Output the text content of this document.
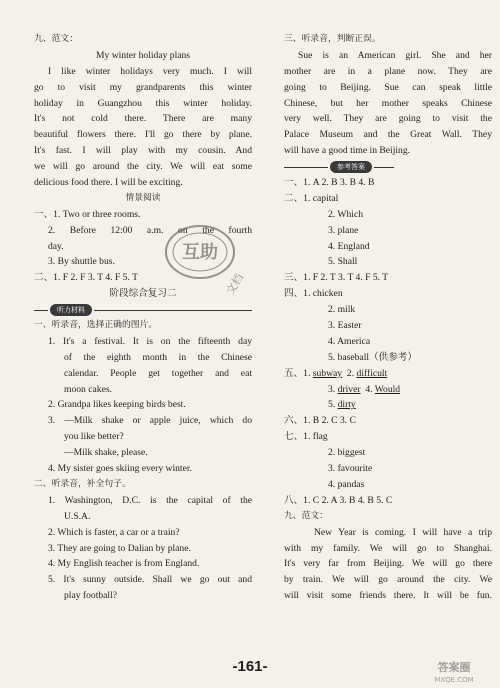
九、范文：
My winter holiday plans
I like winter holidays very much. I will
go to visit my grandparents this winter
holiday in Guangzhou this winter holiday.
It's not cold there. There are many
beautiful flowers there. I'll go there by plane.
It's fast. I will play with my cousin. And
we will go around the city. We will eat some
delicious food there. I will be exciting.
情景阅读
一、1. Two or three rooms.
2. Before 12:00 a.m. on the fourth
day.
3. By shuttle bus.
二、1. F 2. F 3. T 4. F 5. T
阶段综合复习二
听力材料
一、听录音，选择正确的图片。
1. It's a festival. It is on the fifteenth day
of the eighth month in the Chinese
calendar. People get together and eat
moon cakes.
2. Grandpa likes keeping birds best.
3. —Milk shake or apple juice, which do
you like better?
—Milk shake, please.
4. My sister goes skiing every winter.
二、听录音，补全句子。
1. Washington, D.C. is the capital of the
U.S.A.
2. Which is faster, a car or a train?
3. They are going to Dalian by plane.
4. My English teacher is from England.
5. It's sunny outside. Shall we go out and
play football?
三、听录音，判断正误。
Sue is an American girl. She and her
mother are in a plane now. They are
going to Beijing. Sue can speak little
Chinese, but her mother speaks Chinese
very well. They are going to visit the
Palace Museum and the Great Wall. They
will have a good time in Beijing.
参考答案
一、1. A 2. B 3. B 4. B
二、1. capital
2. Which
3. plane
4. England
5. Shall
三、1. F 2. T 3. T 4. F 5. T
四、1. chicken
2. milk
3. Easter
4. America
5. baseball（供参考）
五、1. subway 2. difficult
3. driver 4. Would
5. dirty
六、1. B 2. C 3. C
七、1. flag
2. biggest
3. favourite
4. pandas
八、1. C 2. A 3. B 4. B 5. C
九、范文：
New Year is coming. I will have a trip
with my family. We will go to Shanghai.
It's very far from Beijing. We will go there
by train. We will go around the city. We
will visit some friends there. It will be fun.
互助
文档
答案圈
MXQE.COM
-161-
